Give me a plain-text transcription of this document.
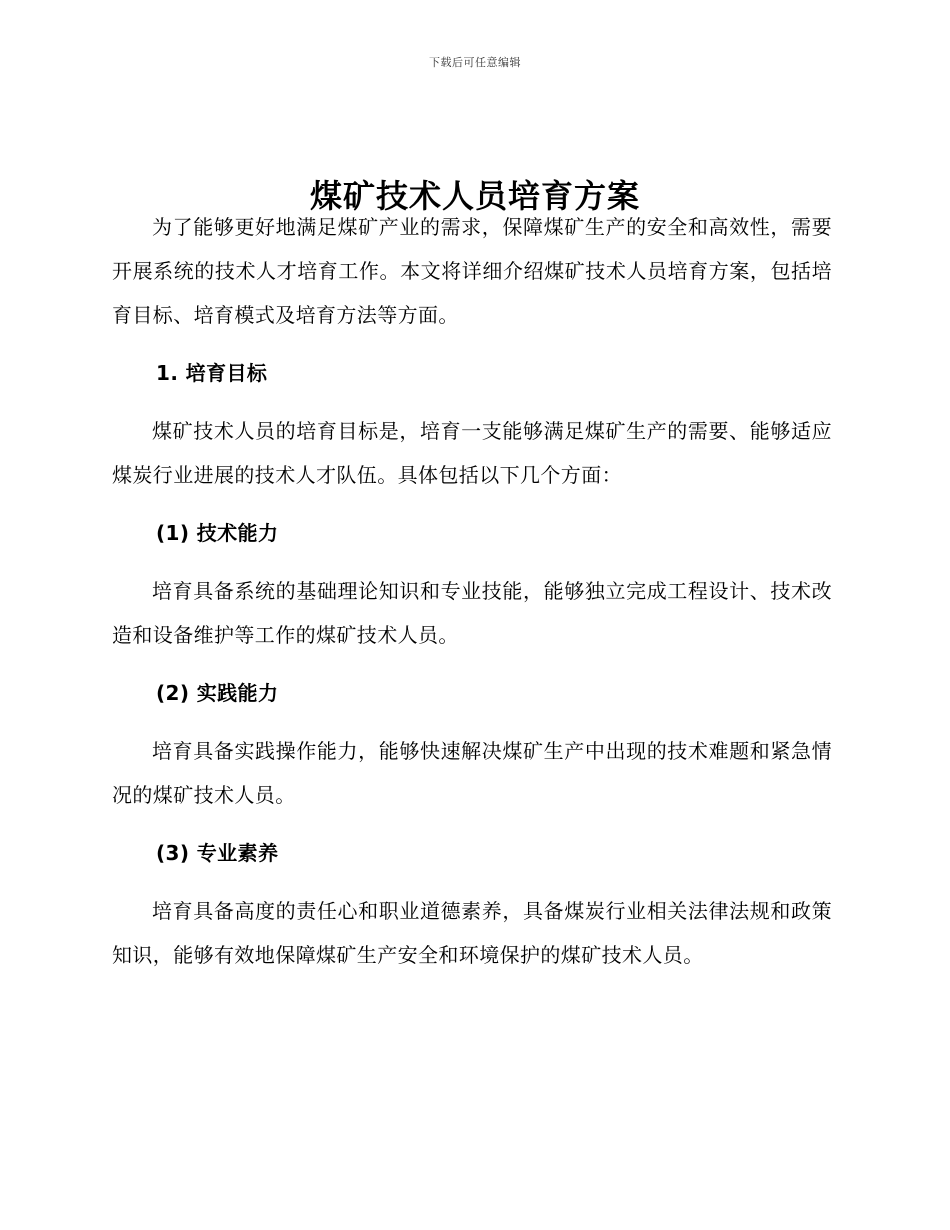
下载后可任意编辑
煤矿技术人员培育方案

为了能够更好地满足煤矿产业的需求，保障煤矿生产的安全和高效性，需要开展系统的技术人才培育工作。本文将详细介绍煤矿技术人员培育方案，包括培育目标、培育模式及培育方法等方面。

1. 培育目标

煤矿技术人员的培育目标是，培育一支能够满足煤矿生产的需要、能够适应煤炭行业进展的技术人才队伍。具体包括以下几个方面：

(1) 技术能力

培育具备系统的基础理论知识和专业技能，能够独立完成工程设计、技术改造和设备维护等工作的煤矿技术人员。

(2) 实践能力

培育具备实践操作能力，能够快速解决煤矿生产中出现的技术难题和紧急情况的煤矿技术人员。

(3) 专业素养

培育具备高度的责任心和职业道德素养，具备煤炭行业相关法律法规和政策知识，能够有效地保障煤矿生产安全和环境保护的煤矿技术人员。
